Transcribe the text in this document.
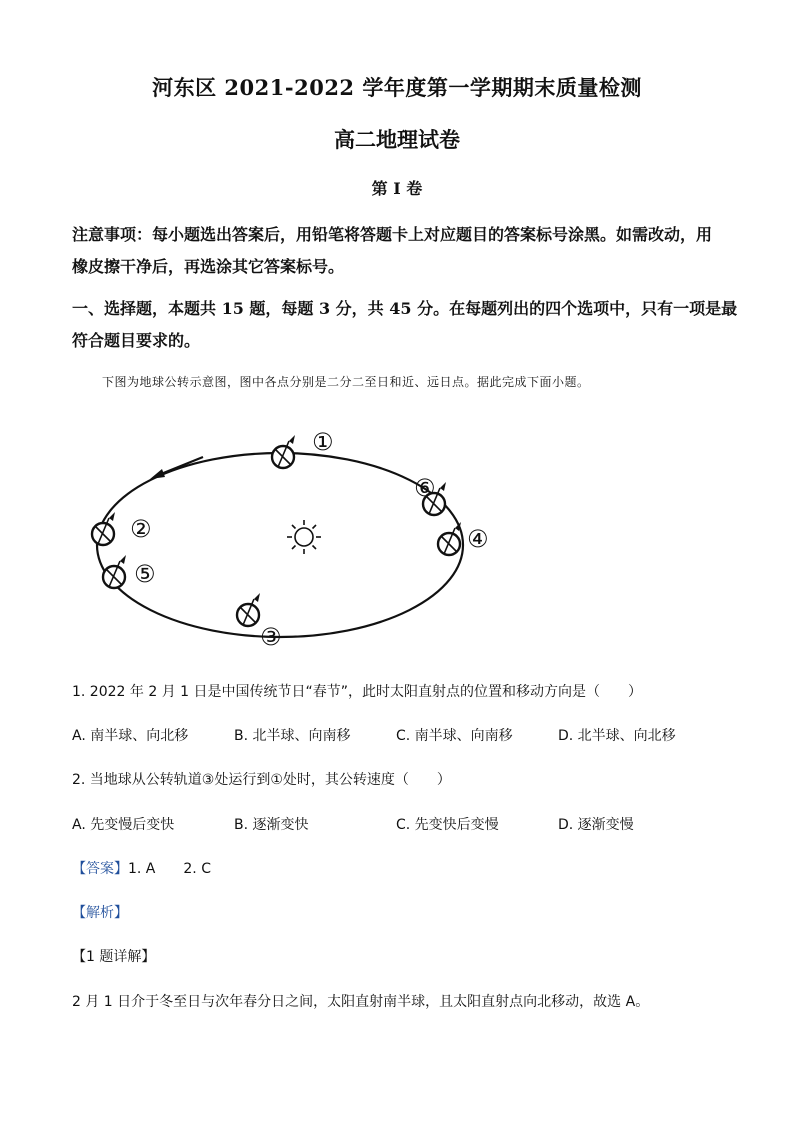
河东区 2021-2022 学年度第一学期期末质量检测
高二地理试卷
第 I 卷
注意事项：每小题选出答案后，用铅笔将答题卡上对应题目的答案标号涂黑。如需改动，用
橡皮擦干净后，再选涂其它答案标号。
一、选择题，本题共 15 题，每题 3 分，共 45 分。在每题列出的四个选项中，只有一项是最
符合题目要求的。
下图为地球公转示意图，图中各点分别是二分二至日和近、远日点。据此完成下面小题。
①
⑥
④
②
⑤
③
1. 2022 年 2 月 1 日是中国传统节日“春节”，此时太阳直射点的位置和移动方向是（　　）
A. 南半球、向北移	B. 北半球、向南移	C. 南半球、向南移	D. 北半球、向北移
2. 当地球从公转轨道③处运行到①处时，其公转速度（　　）
A. 先变慢后变快	B. 逐渐变快	C. 先变快后变慢	D. 逐渐变慢
【答案】1. A　　2. C
【解析】
【1 题详解】
2 月 1 日介于冬至日与次年春分日之间，太阳直射南半球，且太阳直射点向北移动，故选 A。
